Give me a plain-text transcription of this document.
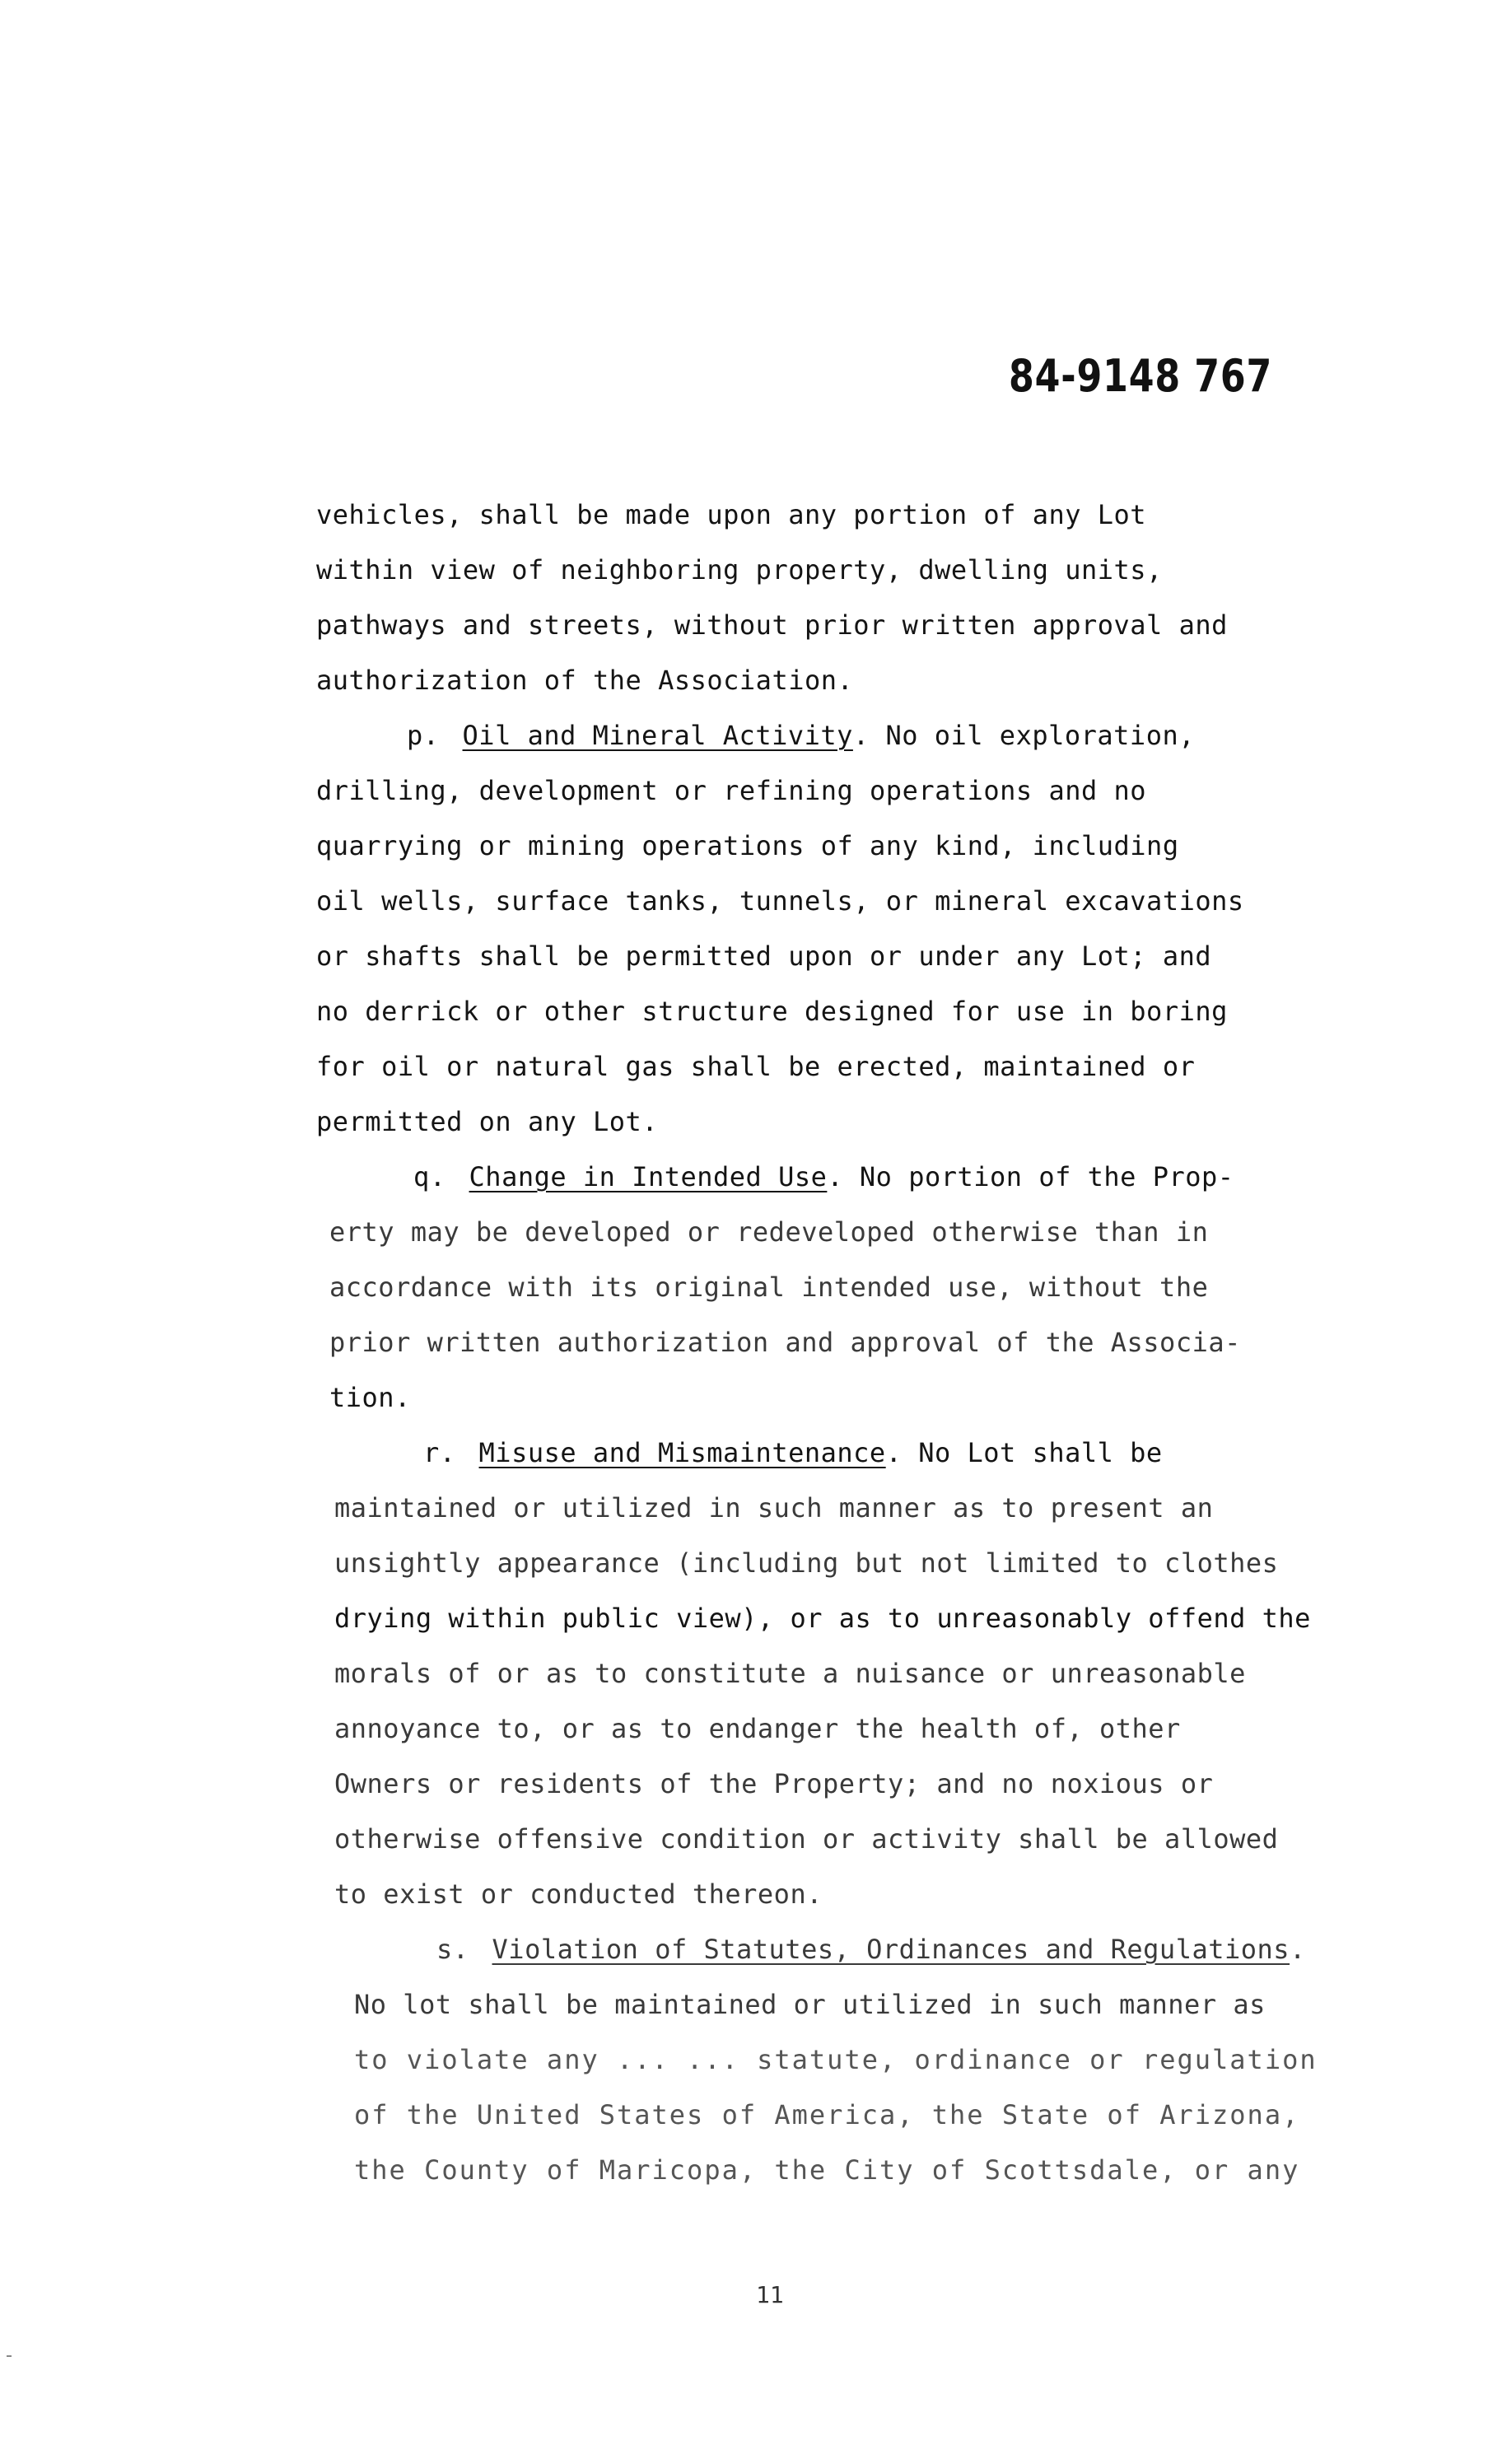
84-9148 767
vehicles, shall be made upon any portion of any Lot
within view of neighboring property, dwelling units,
pathways and streets, without prior written approval and
authorization of the Association.
p. Oil and Mineral Activity. No oil exploration,
drilling, development or refining operations and no
quarrying or mining operations of any kind, including
oil wells, surface tanks, tunnels, or mineral excavations
or shafts shall be permitted upon or under any Lot; and
no derrick or other structure designed for use in boring
for oil or natural gas shall be erected, maintained or
permitted on any Lot.
q. Change in Intended Use. No portion of the Prop-
erty may be developed or redeveloped otherwise than in
accordance with its original intended use, without the
prior written authorization and approval of the Associa-
tion.
r. Misuse and Mismaintenance. No Lot shall be
maintained or utilized in such manner as to present an
unsightly appearance (including but not limited to clothes
drying within public view), or as to unreasonably offend the
morals of or as to constitute a nuisance or unreasonable
annoyance to, or as to endanger the health of, other
Owners or residents of the Property; and no noxious or
otherwise offensive condition or activity shall be allowed
to exist or conducted thereon.
s. Violation of Statutes, Ordinances and Regulations.
No lot shall be maintained or utilized in such manner as
to violate any ... ... statute, ordinance or regulation
of the United States of America, the State of Arizona,
the County of Maricopa, the City of Scottsdale, or any
11
